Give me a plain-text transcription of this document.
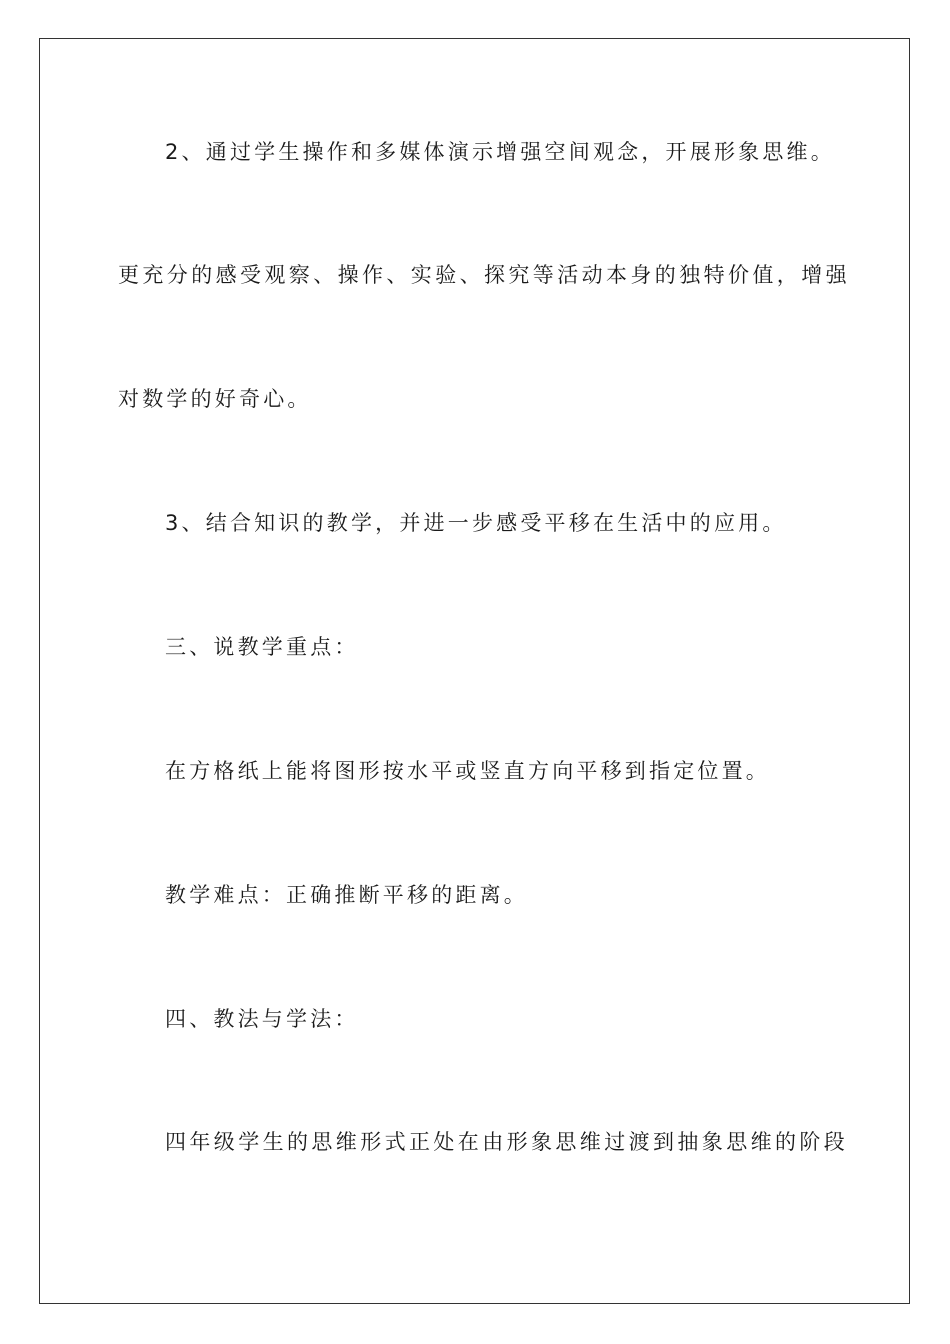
2、通过学生操作和多媒体演示增强空间观念，开展形象思维。

更充分的感受观察、操作、实验、探究等活动本身的独特价值，增强

对数学的好奇心。

3、结合知识的教学，并进一步感受平移在生活中的应用。

三、说教学重点：

在方格纸上能将图形按水平或竖直方向平移到指定位置。

教学难点：正确推断平移的距离。

四、教法与学法：

四年级学生的思维形式正处在由形象思维过渡到抽象思维的阶段
